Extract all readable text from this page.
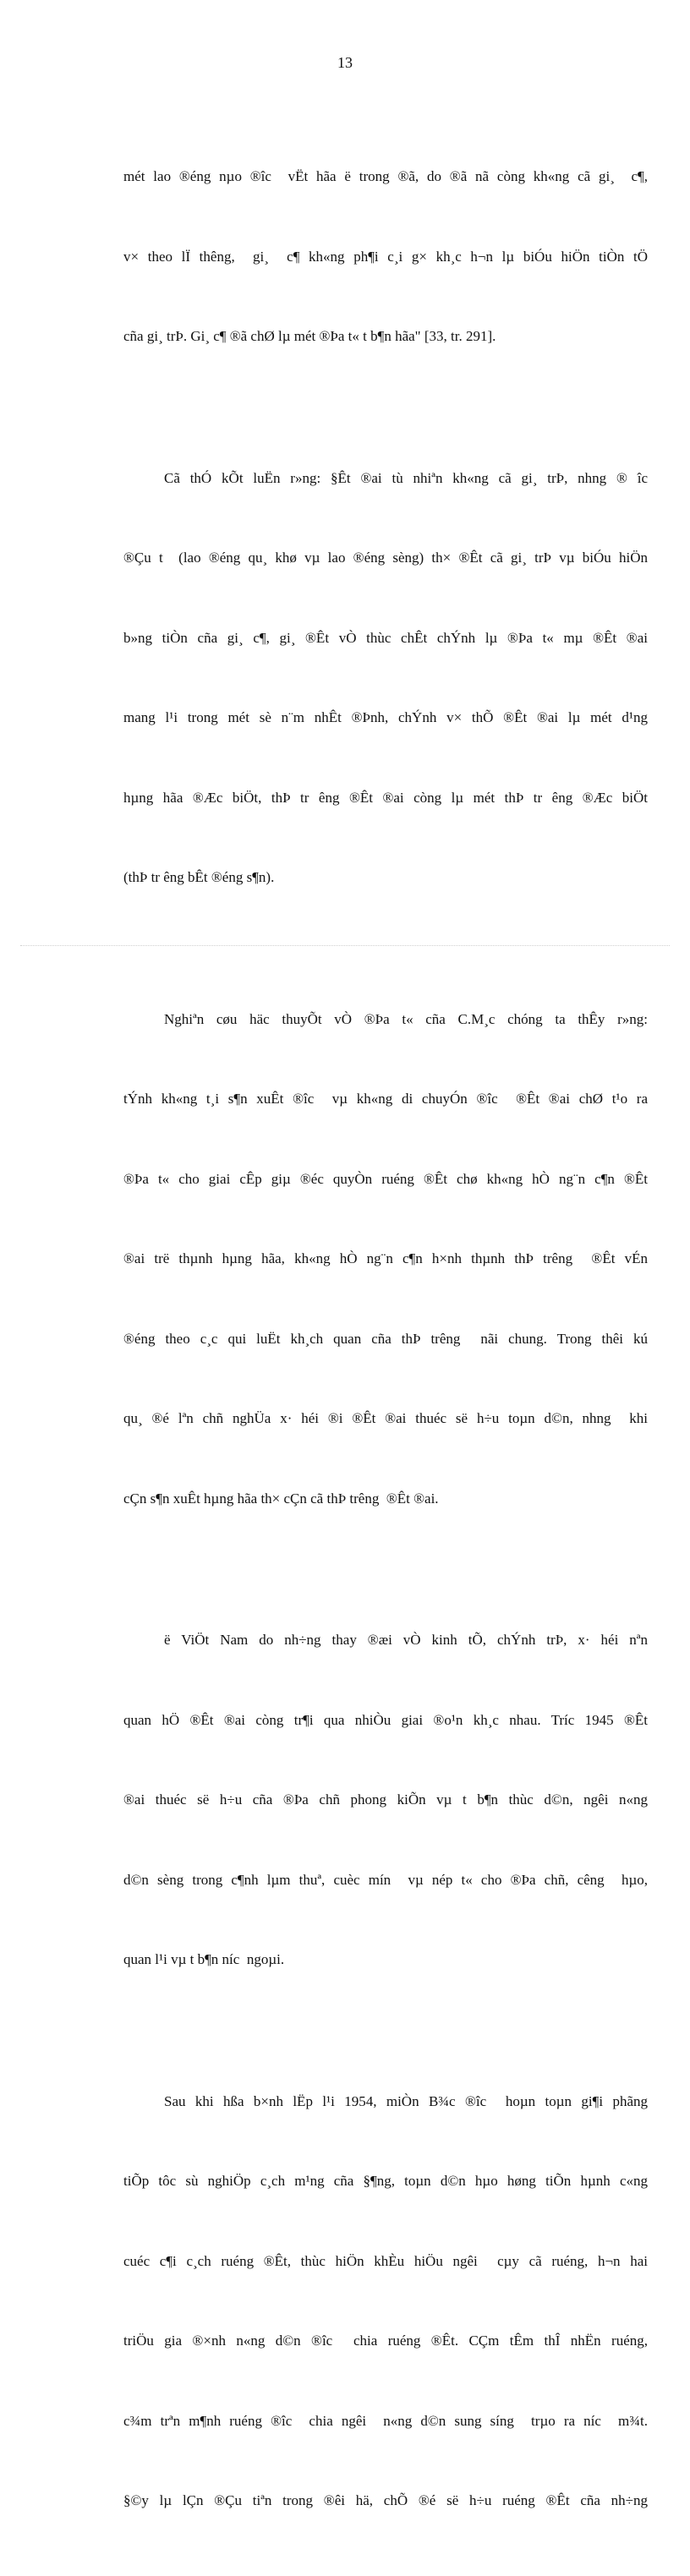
13

mét lao ®éng nµo ®îc  vËt hãa ë trong ®ã, do ®ã nã còng kh«ng cã gi¸  c¶,

v× theo lÏ thêng,  gi¸  c¶ kh«ng ph¶i c¸i g× kh¸c h¬n lµ biÓu hiÖn tiÒn tÖ

cña gi¸ trÞ. Gi¸ c¶ ®ã chØ lµ mét ®Þa t« t b¶n hãa" [33, tr. 291].

Cã thÓ kÕt luËn r»ng: §Êt ®ai tù nhiªn kh«ng cã gi¸ trÞ, nhng ® îc

®Çu t  (lao ®éng qu¸ khø vµ lao ®éng sèng) th× ®Êt cã gi¸ trÞ vµ biÓu hiÖn

b»ng tiÒn cña gi¸ c¶, gi¸ ®Êt vÒ thùc chÊt chÝnh lµ ®Þa t« mµ ®Êt ®ai

mang l¹i trong mét sè n¨m nhÊt ®Þnh, chÝnh v× thÕ ®Êt ®ai lµ mét d¹ng

hµng hãa ®Æc biÖt, thÞ tr êng ®Êt ®ai còng lµ mét thÞ tr êng ®Æc biÖt

(thÞ tr êng bÊt ®éng s¶n).

Nghiªn cøu häc thuyÕt vÒ ®Þa t« cña C.M¸c chóng ta thÊy r»ng:

tÝnh kh«ng t¸i s¶n xuÊt ®îc  vµ kh«ng di chuyÓn ®îc  ®Êt ®ai chØ t¹o ra

®Þa t« cho giai cÊp giµ ®éc quyÒn ruéng ®Êt chø kh«ng hÒ ng¨n c¶n ®Êt

®ai trë thµnh hµng hãa, kh«ng hÒ ng¨n c¶n h×nh thµnh thÞ trêng  ®Êt vÉn

®éng theo c¸c qui luËt kh¸ch quan cña thÞ trêng  nãi chung. Trong thêi kú

qu¸ ®é lªn chñ nghÜa x· héi ®i ®Êt ®ai thuéc së h÷u toµn d©n, nhng  khi

cÇn s¶n xuÊt hµng hãa th× cÇn cã thÞ trêng  ®Êt ®ai.

ë ViÖt Nam do nh÷ng thay ®æi vÒ kinh tÕ, chÝnh trÞ, x· héi nªn

quan hÖ ®Êt ®ai còng tr¶i qua nhiÒu giai ®o¹n kh¸c nhau. Tríc 1945 ®Êt

®ai thuéc së h÷u cña ®Þa chñ phong kiÕn vµ t b¶n thùc d©n, ngêi n«ng

d©n sèng trong c¶nh lµm thuª, cuèc mín  vµ nép t« cho ®Þa chñ, cêng  hµo,

quan l¹i vµ t b¶n níc  ngoµi.

Sau khi hßa b×nh lËp l¹i 1954, miÒn B¾c ®îc  hoµn toµn gi¶i phãng

tiÕp tôc sù nghiÖp c¸ch m¹ng cña §¶ng, toµn d©n hµo høng tiÕn hµnh c«ng

cuéc c¶i c¸ch ruéng ®Êt, thùc hiÖn khÈu hiÖu ngêi  cµy cã ruéng, h¬n hai

triÖu gia ®×nh n«ng d©n ®îc  chia ruéng ®Êt. CÇm tÊm thÎ nhËn ruéng,

c¾m trªn m¶nh ruéng ®îc  chia ngêi  n«ng d©n sung síng  trµo ra níc  m¾t.

§©y lµ lÇn ®Çu tiªn trong ®êi hä, chÕ ®é së h÷u ruéng ®Êt cña nh÷ng
